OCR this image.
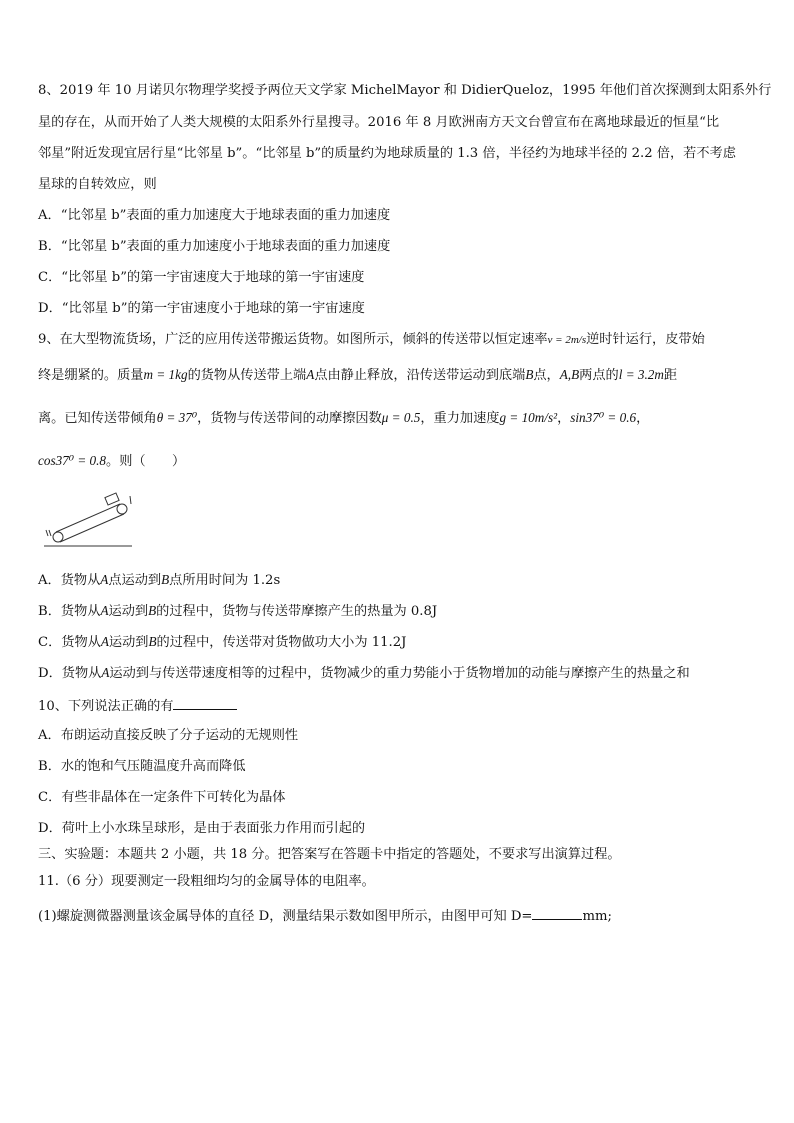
8、2019 年 10 月诺贝尔物理学奖授予两位天文学家 MichelMayor 和 DidierQueloz，1995 年他们首次探测到太阳系外行
星的存在，从而开始了人类大规模的太阳系外行星搜寻。2016 年 8 月欧洲南方天文台曾宣布在离地球最近的恒星“比
邻星”附近发现宜居行星“比邻星 b”。“比邻星 b”的质量约为地球质量的 1.3 倍，半径约为地球半径的 2.2 倍，若不考虑
星球的自转效应，则
A．“比邻星 b”表面的重力加速度大于地球表面的重力加速度
B．“比邻星 b”表面的重力加速度小于地球表面的重力加速度
C．“比邻星 b”的第一宇宙速度大于地球的第一宇宙速度
D．“比邻星 b”的第一宇宙速度小于地球的第一宇宙速度
9、在大型物流货场，广泛的应用传送带搬运货物。如图所示，倾斜的传送带以恒定速率v = 2m/s逆时针运行，皮带始
终是绷紧的。质量m = 1kg的货物从传送带上端A点由静止释放，沿传送带运动到底端B点，A,B两点的l = 3.2m距
离。已知传送带倾角θ = 37⁰，货物与传送带间的动摩擦因数μ = 0.5，重力加速度g = 10m/s²，sin37⁰ = 0.6，
cos37⁰ = 0.8。则（　　）
A．货物从A点运动到B点所用时间为 1.2s
B．货物从A运动到B的过程中，货物与传送带摩擦产生的热量为 0.8J
C．货物从A运动到B的过程中，传送带对货物做功大小为 11.2J
D．货物从A运动到与传送带速度相等的过程中，货物减少的重力势能小于货物增加的动能与摩擦产生的热量之和
10、下列说法正确的有
A．布朗运动直接反映了分子运动的无规则性
B．水的饱和气压随温度升高而降低
C．有些非晶体在一定条件下可转化为晶体
D．荷叶上小水珠呈球形，是由于表面张力作用而引起的
三、实验题：本题共 2 小题，共 18 分。把答案写在答题卡中指定的答题处，不要求写出演算过程。
11.（6 分）现要测定一段粗细均匀的金属导体的电阻率。
(1)螺旋测微器测量该金属导体的直径 D，测量结果示数如图甲所示，由图甲可知 D=	mm;
